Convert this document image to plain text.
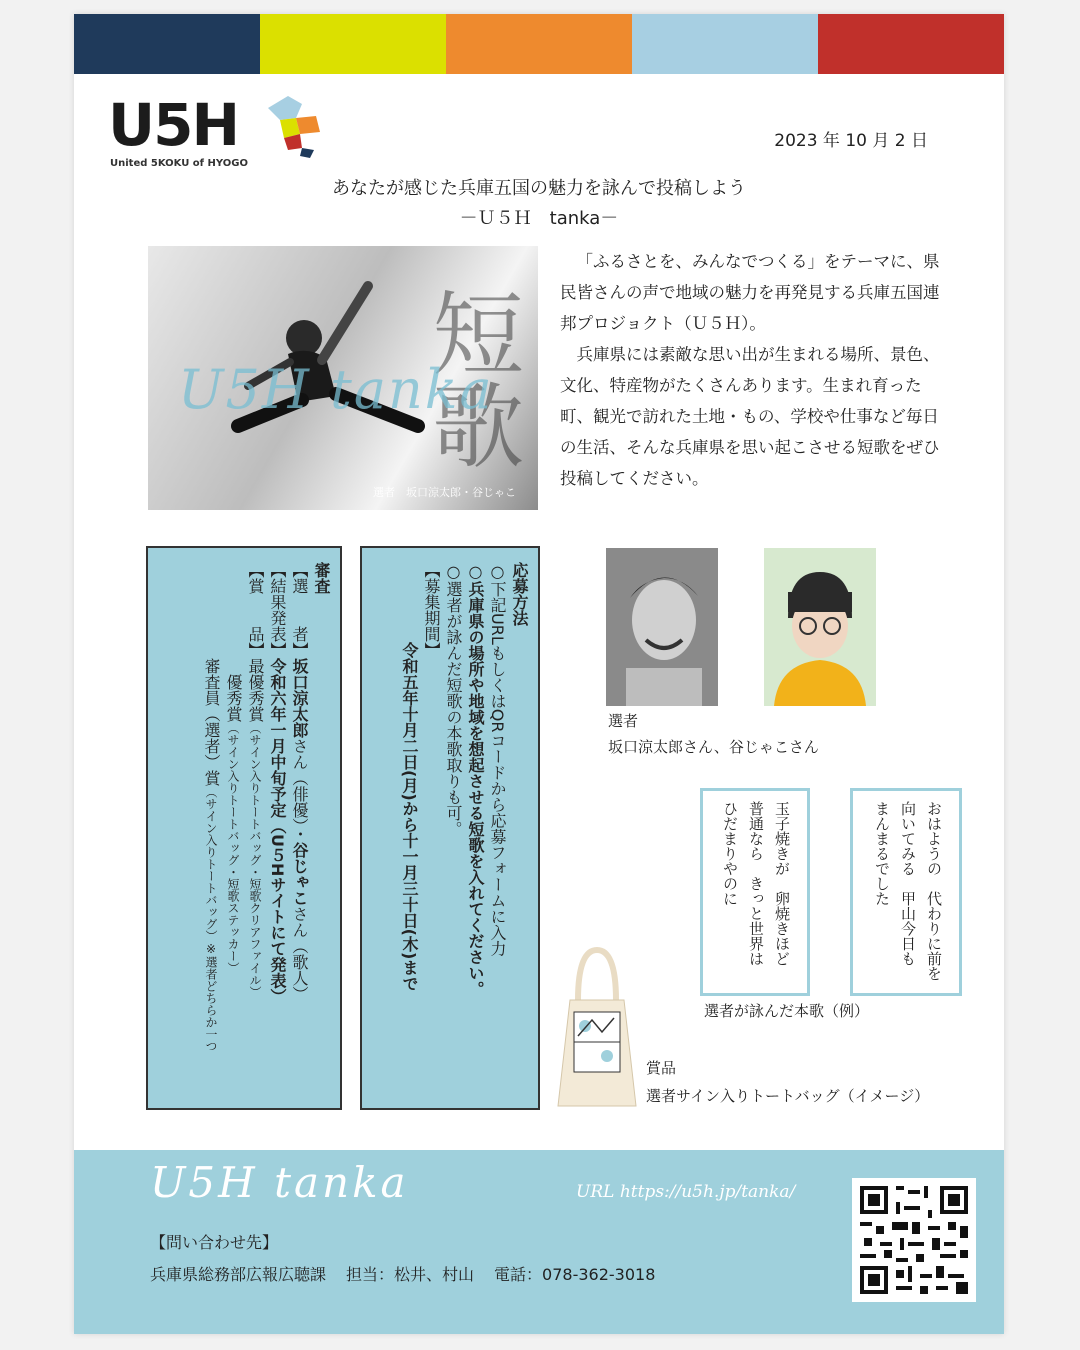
U5H
United 5KOKU of HYOGO
2023 年 10 月 2 日
あなたが感じた兵庫五国の魅力を詠んで投稿しよう
－Ｕ５Ｈ　tanka－
短歌
U5H tanka
選者　坂口涼太郎・谷じゃこ

「ふるさとを、みんなでつくる」をテーマに、県民皆さんの声で地域の魅力を再発見する兵庫五国連邦プロジョクト（Ｕ５Ｈ）。

兵庫県には素敵な思い出が生まれる場所、景色、文化、特産物がたくさんあります。生まれ育った町、観光で訪れた土地・もの、学校や仕事など毎日の生活、そんな兵庫県を思い起こさせる短歌をぜひ投稿してください。

審査
【選　　者】坂口涼太郎さん（俳優）・谷じゃこさん（歌人）
【結果発表】令和六年一月中旬予定（U５Hサイトにて発表）
【賞　　品】最優秀賞（サイン入りトートバッグ・短歌クリアファイル）
優秀賞（サイン入りトートバッグ・短歌ステッカー）
審査員（選者）賞（サイン入りトートバッグ）※選者どちらか一つ
応募方法
○下記URLもしくはQRコードから応募フォームに入力
○兵庫県の場所や地域を想起させる短歌を入れてください。
○選者が詠んだ短歌の本歌取りも可。
【募集期間】
令和五年十月二日(月)から十一月三十日(木)まで	選者
坂口涼太郎さん、谷じゃこさん
おはようの　代わりに前を
向いてみる　甲山今日も
まんまるでした
玉子焼きが　卵焼きほど
普通なら　きっと世界は
ひだまりやのに
選者が詠んだ本歌（例）
賞品
選者サイン入りトートバッグ（イメージ）
U5H tanka	URL https://u5h.jp/tanka/
【問い合わせ先】
兵庫県総務部広報広聴課 担当：松井、村山 電話：078-362-3018
